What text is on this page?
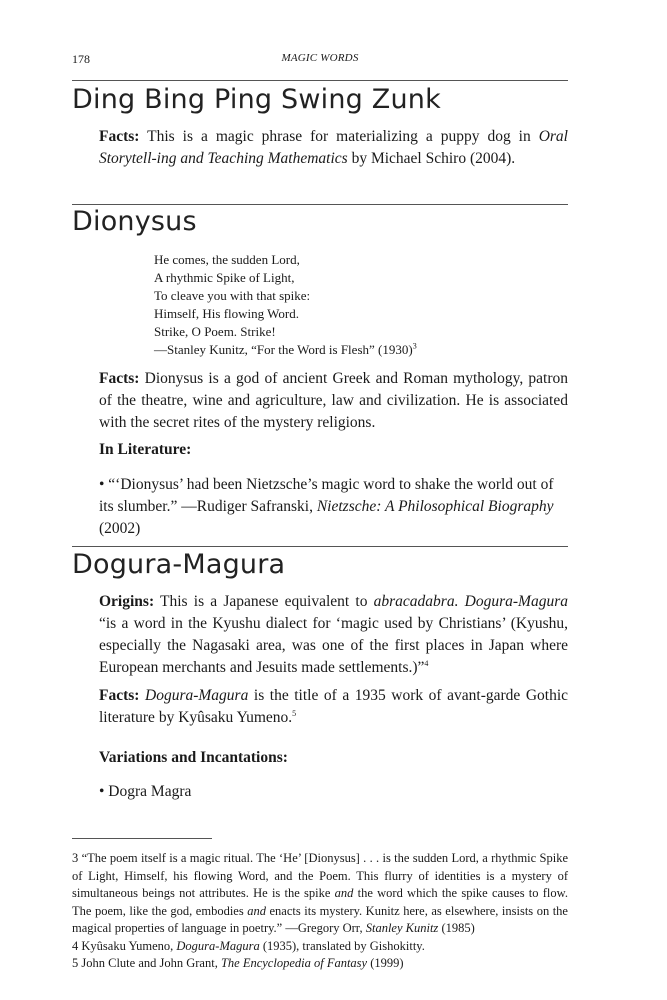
178	MAGIC WORDS
Ding Bing Ping Swing Zunk
Facts: This is a magic phrase for materializing a puppy dog in Oral Storytell-ing and Teaching Mathematics by Michael Schiro (2004).
Dionysus
He comes, the sudden Lord,
A rhythmic Spike of Light,
To cleave you with that spike:
Himself, His flowing Word.
Strike, O Poem. Strike!
—Stanley Kunitz, “For the Word is Flesh” $(1930)^3$
Facts: Dionysus is a god of ancient Greek and Roman mythology, patron of the theatre, wine and agriculture, law and civilization. He is associated with the secret rites of the mystery religions.
In Literature:
• “‘Dionysus’ had been Nietzsche’s magic word to shake the world out of its slumber.” —Rudiger Safranski, Nietzsche: A Philosophical Biography (2002)
Dogura-Magura
Origins: This is a Japanese equivalent to abracadabra. Dogura-Magura “is a word in the Kyushu dialect for ‘magic used by Christians’ (Kyushu, especially the Nagasaki area, was one of the first places in Japan where European merchants and Jesuits made settlements.)”$^4$
Facts: Dogura-Magura is the title of a 1935 work of avant-garde Gothic literature by Kyûsaku Yumeno.$^5$
Variations and Incantations:
• Dogra Magra
3 “The poem itself is a magic ritual. The ‘He’ [Dionysus] . . . is the sudden Lord, a rhythmic Spike of Light, Himself, his flowing Word, and the Poem. This flurry of identities is a mystery of simultaneous beings not attributes. He is the spike and the word which the spike causes to flow. The poem, like the god, embodies and enacts its mystery. Kunitz here, as elsewhere, insists on the magical properties of language in poetry.” —Gregory Orr, Stanley Kunitz (1985)
4 Kyûsaku Yumeno, Dogura-Magura (1935), translated by Gishokitty.
5 John Clute and John Grant, The Encyclopedia of Fantasy (1999)
